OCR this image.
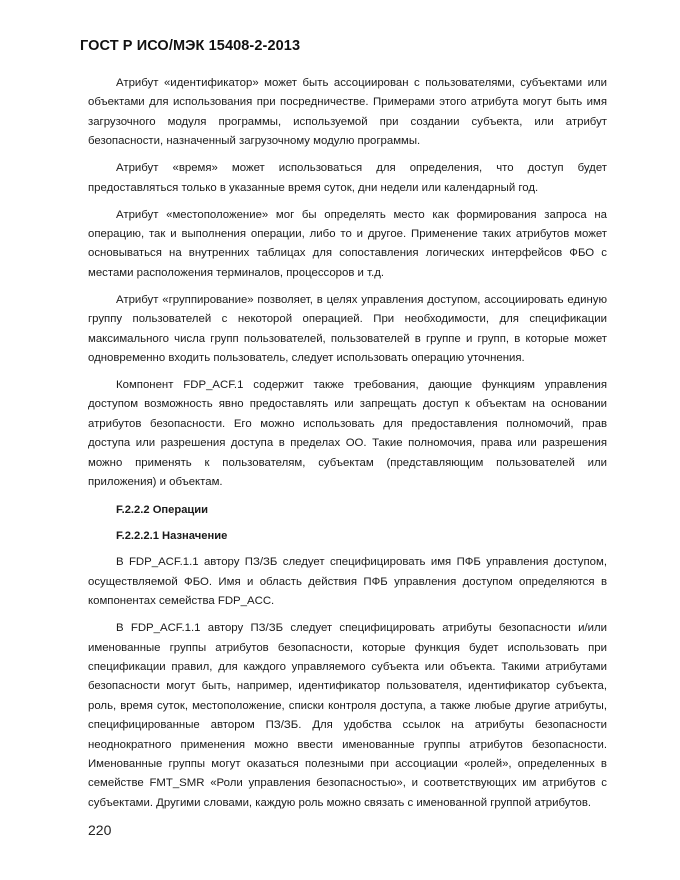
ГОСТ Р ИСО/МЭК 15408-2-2013

Атрибут «идентификатор» может быть ассоциирован с пользователями, субъектами или объектами для использования при посредничестве. Примерами этого атрибута могут быть имя загрузочного модуля программы, используемой при создании субъекта, или атрибут безопасности, назначенный загрузочному модулю программы.

Атрибут «время» может использоваться для определения, что доступ будет предоставляться только в указанные время суток, дни недели или календарный год.

Атрибут «местоположение» мог бы определять место как формирования запроса на операцию, так и выполнения операции, либо то и другое. Применение таких атрибутов может основываться на внутренних таблицах для сопоставления логических интерфейсов ФБО с местами расположения терминалов, процессоров и т.д.

Атрибут «группирование» позволяет, в целях управления доступом, ассоциировать единую группу пользователей с некоторой операцией. При необходимости, для спецификации максимального числа групп пользователей, пользователей в группе и групп, в которые может одновременно входить пользователь, следует использовать операцию уточнения.

Компонент FDP_ACF.1 содержит также требования, дающие функциям управления доступом возможность явно предоставлять или запрещать доступ к объектам на основании атрибутов безопасности. Его можно использовать для предоставления полномочий, прав доступа или разрешения доступа в пределах ОО. Такие полномочия, права или разрешения можно применять к пользователям, субъектам (представляющим пользователей или приложения) и объектам.

F.2.2.2 Операции
F.2.2.2.1 Назначение

В FDP_ACF.1.1 автору ПЗ/ЗБ следует специфицировать имя ПФБ управления доступом, осуществляемой ФБО. Имя и область действия ПФБ управления доступом определяются в компонентах семейства FDP_ACC.

В FDP_ACF.1.1 автору ПЗ/ЗБ следует специфицировать атрибуты безопасности и/или именованные группы атрибутов безопасности, которые функция будет использовать при спецификации правил, для каждого управляемого субъекта или объекта. Такими атрибутами безопасности могут быть, например, идентификатор пользователя, идентификатор субъекта, роль, время суток, местоположение, списки контроля доступа, а также любые другие атрибуты, специфицированные автором ПЗ/ЗБ. Для удобства ссылок на атрибуты безопасности неоднократного применения можно ввести именованные группы атрибутов безопасности. Именованные группы могут оказаться полезными при ассоциации «ролей», определенных в семействе FMT_SMR «Роли управления безопасностью», и соответствующих им атрибутов с субъектами. Другими словами, каждую роль можно связать с именованной группой атрибутов.

220
